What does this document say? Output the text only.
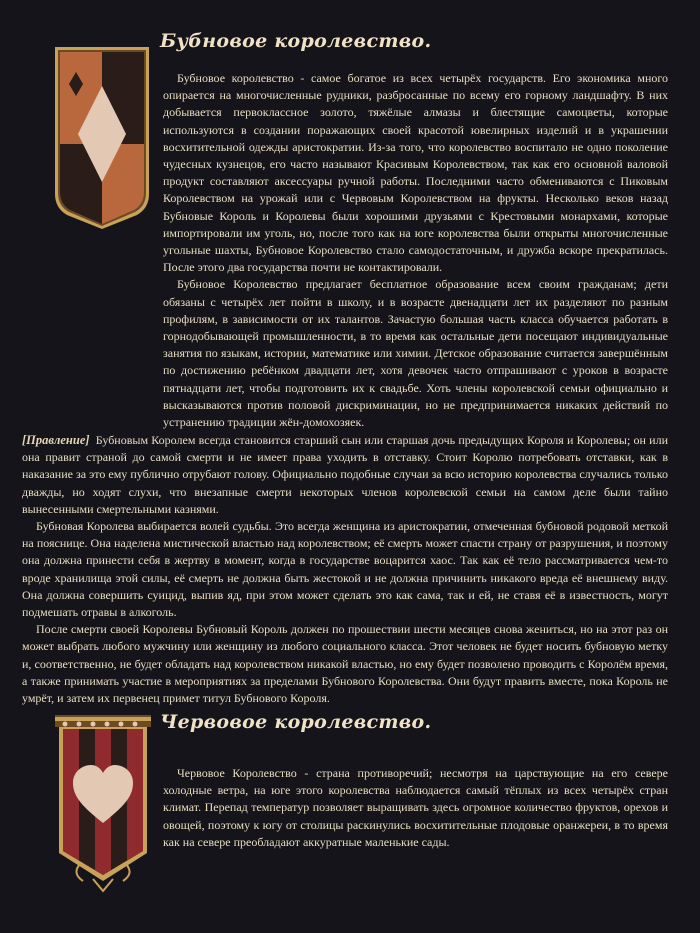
Бубновое королевство.

Бубновое королевство - самое богатое из всех четырёх государств. Его экономика много опирается на многочисленные рудники, разбросанные по всему его горному ландшафту. В них добывается первоклассное золото, тяжёлые алмазы и блестящие самоцветы, которые используются в создании поражающих своей красотой ювелирных изделий и в украшении восхитительной одежды аристократии. Из-за того, что королевство воспитало не одно поколение чудесных кузнецов, его часто называют Красивым Королевством, так как его основной валовой продукт составляют аксессуары ручной работы. Последними часто обмениваются с Пиковым Королевством на урожай или с Червовым Королевством на фрукты. Несколько веков назад Бубновые Король и Королевы были хорошими друзьями с Крестовыми монархами, которые импортировали им уголь, но, после того как на юге королевства были открыты многочисленные угольные шахты, Бубновое Королевство стало самодостаточным, и дружба вскоре прекратилась. После этого два государства почти не контактировали.

Бубновое Королевство предлагает бесплатное образование всем своим гражданам; дети обязаны с четырёх лет пойти в школу, и в возрасте двенадцати лет их разделяют по разным профилям, в зависимости от их талантов. Зачастую большая часть класса обучается работать в горнодобывающей промышленности, в то время как остальные дети посещают индивидуальные занятия по языкам, истории, математике или химии. Детское образование считается завершённым по достижению ребёнком двадцати лет, хотя девочек часто отпрашивают с уроков в возрасте пятнадцати лет, чтобы подготовить их к свадьбе. Хоть члены королевской семьи официально и высказываются против половой дискриминации, но не предпринимается никаких действий по устранению традиции жён-домохозяек.

[Правление] Бубновым Королем всегда становится старший сын или старшая дочь предыдущих Короля и Королевы; он или она правит страной до самой смерти и не имеет права уходить в отставку. Стоит Королю потребовать отставки, как в наказание за это ему публично отрубают голову. Официально подобные случаи за всю историю королевства случались только дважды, но ходят слухи, что внезапные смерти некоторых членов королевской семьи на самом деле были тайно вынесенными смертельными казнями.

Бубновая Королева выбирается волей судьбы. Это всегда женщина из аристократии, отмеченная бубновой родовой меткой на пояснице. Она наделена мистической властью над королевством; её смерть может спасти страну от разрушения, и поэтому она должна принести себя в жертву в момент, когда в государстве воцарится хаос. Так как её тело рассматривается чем-то вроде хранилища этой силы, её смерть не должна быть жестокой и не должна причинить никакого вреда её внешнему виду. Она должна совершить суицид, выпив яд, при этом может сделать это как сама, так и ей, не ставя её в известность, могут подмешать отравы в алкоголь.

После смерти своей Королевы Бубновый Король должен по прошествии шести месяцев снова жениться, но на этот раз он может выбрать любого мужчину или женщину из любого социального класса. Этот человек не будет носить бубновую метку и, соответственно, не будет обладать над королевством никакой властью, но ему будет позволено проводить с Королём время, а также принимать участие в мероприятиях за пределами Бубнового Королевства. Они будут править вместе, пока Король не умрёт, и затем их первенец примет титул Бубнового Короля.

Червовое королевство.

Червовое Королевство - страна противоречий; несмотря на царствующие на его севере холодные ветра, на юге этого королевства наблюдается самый тёплых из всех четырёх стран климат. Перепад температур позволяет выращивать здесь огромное количество фруктов, орехов и овощей, поэтому к югу от столицы раскинулись восхитительные плодовые оранжереи, в то время как на севере преобладают аккуратные маленькие сады.
